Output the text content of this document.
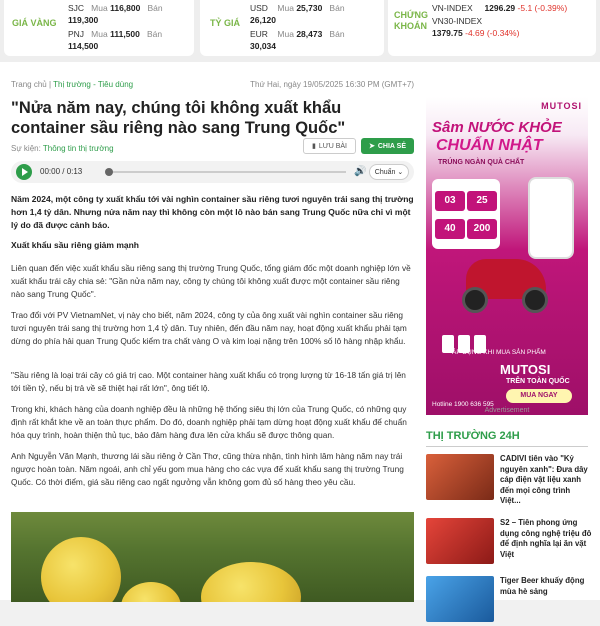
GIÁ VÀNG
SJC Mua 116,800 Bán
119,300
PNJ Mua 111,500 Bán
114,500
TỶ GIÁ
USD Mua 25,730 Bán
26,120
EUR Mua 28,473 Bán
30,034
CHỨNG KHOÁN
VN-INDEX 1296.29 -5.1 (-0.39%)
VN30-INDEX
1379.75 -4.69 (-0.34%)
Trang chủ | Thị trường - Tiêu dùng	Thứ Hai, ngày 19/05/2025 16:30 PM (GMT+7)
"Nửa năm nay, chúng tôi không xuất khẩu container sầu riêng nào sang Trung Quốc"
Sự kiện: Thông tin thị trường	▮ LƯU BÀI	➤ CHIA SẺ
00:00 / 0:13	🔊 Chuẩn
⌄

Năm 2024, một công ty xuất khẩu tới vài nghìn container sầu riêng tươi nguyên trái sang thị trường hơn 1,4 tỷ dân. Nhưng nửa năm nay thì không còn một lô nào bán sang Trung Quốc nữa chỉ vì một lý do đã được cảnh báo.

Xuất khẩu sầu riêng giảm mạnh

Liên quan đến việc xuất khẩu sầu riêng sang thị trường Trung Quốc, tổng giám đốc một doanh nghiệp lớn về xuất khẩu trái cây chia sẻ: "Gần nửa năm nay, công ty chúng tôi không xuất được một container sầu riêng nào sang Trung Quốc".

Trao đổi với PV VietnamNet, vị này cho biết, năm 2024, công ty của ông xuất vài nghìn container sầu riêng tươi nguyên trái sang thị trường hơn 1,4 tỷ dân. Tuy nhiên, đến đầu năm nay, hoạt động xuất khẩu phải tạm dừng do phía hải quan Trung Quốc kiểm tra chất vàng O và kim loại nặng trên 100% số lô hàng nhập khẩu.

"Sầu riêng là loại trái cây có giá trị cao. Một container hàng xuất khẩu có trọng lượng từ 16-18 tấn giá trị lên tới tiền tỷ, nếu bị trả về sẽ thiệt hại rất lớn", ông tiết lộ.

Trong khi, khách hàng của doanh nghiệp đều là những hệ thống siêu thị lớn của Trung Quốc, có những quy định rất khắt khe về an toàn thực phẩm. Do đó, doanh nghiệp phải tạm dừng hoạt động xuất khẩu để chuẩn hóa quy trình, hoàn thiện thủ tục, bảo đảm hàng đưa lên cửa khẩu sẽ được thông quan.

Anh Nguyễn Văn Mạnh, thương lái sầu riêng ở Cần Thơ, cũng thừa nhận, tình hình lâm hàng năm nay trái ngược hoàn toàn. Năm ngoái, anh chỉ yếu gom mua hàng cho các vựa để xuất khẩu sang thị trường Trung Quốc. Có thời điểm, giá sầu riêng cao ngất ngưởng vẫn không gom đủ số hàng theo yêu cầu.

MUTOSI
Sâm NƯỚC KHỎE
CHUẨN NHẬT
TRÚNG NGÀN QUÀ CHẤT
03	25
40	200
ÁP DỤNG KHI MUA SẢN PHẨM
MUTOSI
TRÊN TOÀN QUỐC
MUA NGAY
Hotline 1900 636 595
Advertisement
THỊ TRƯỜNG 24H
CADIVI tiên vào "Kỷ nguyên xanh": Đưa dây cáp điện vật liệu xanh đến mọi công trình Việt...
S2 – Tiên phong ứng dụng công nghệ triệu đô để định nghĩa lại ăn vặt Việt
Tiger Beer khuấy động mùa hè sảng
